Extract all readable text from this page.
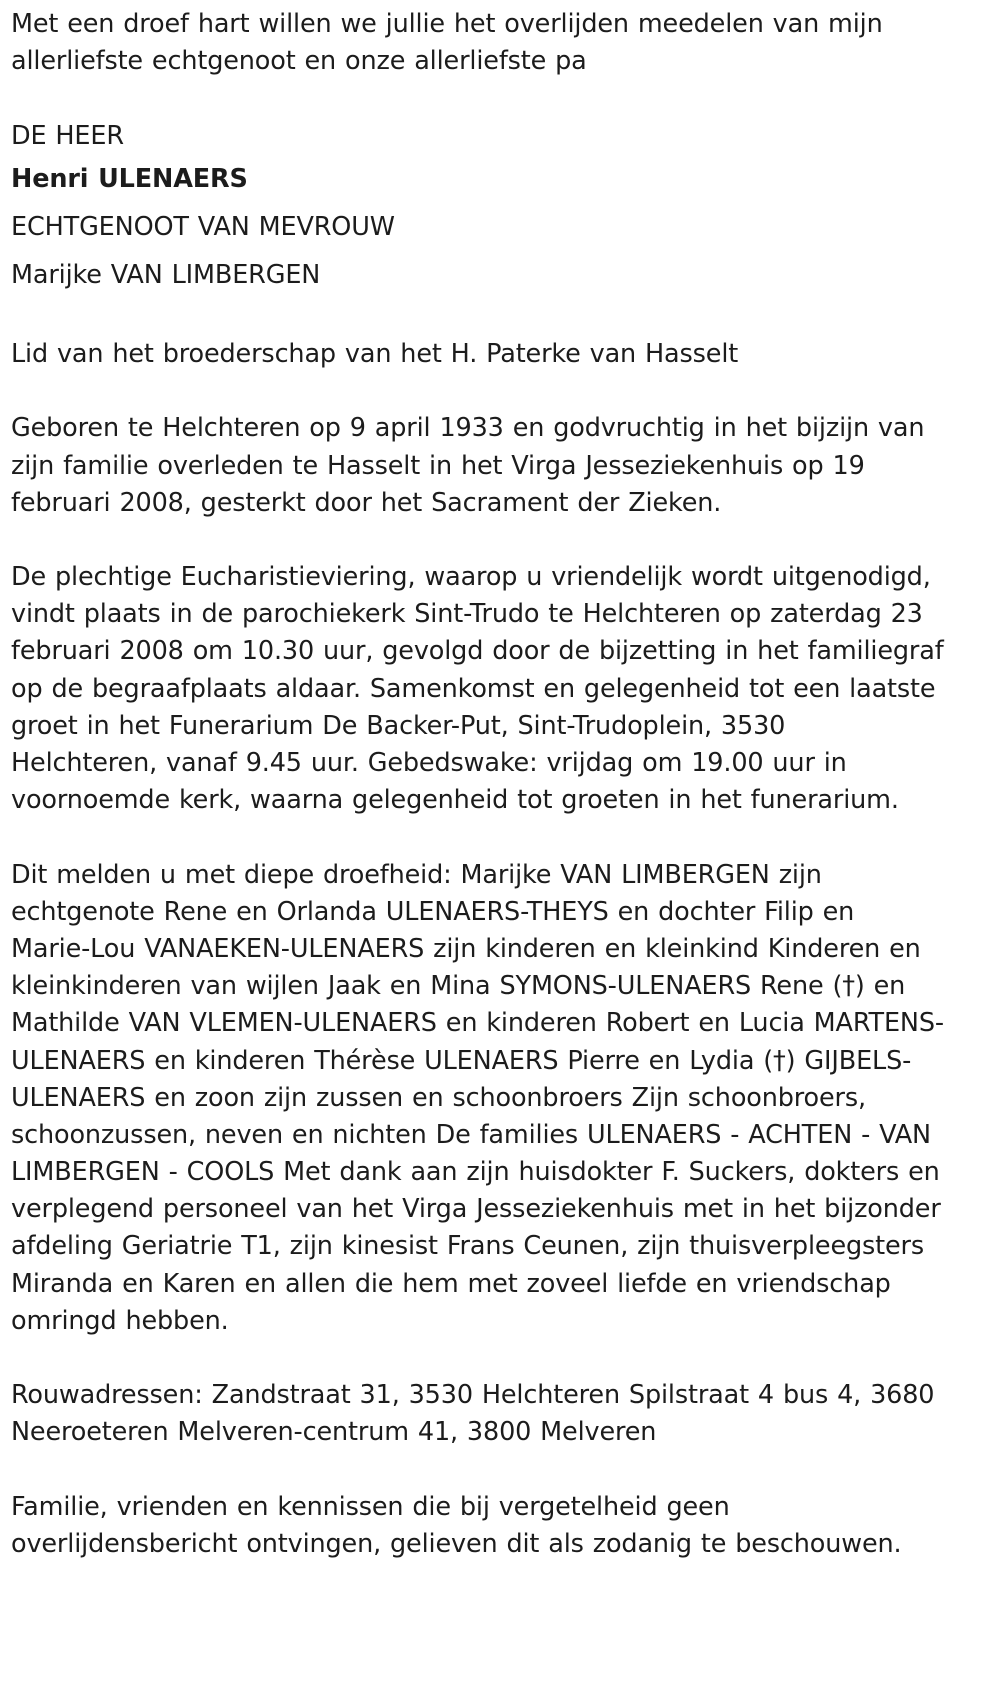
Met een droef hart willen we jullie het overlijden meedelen van mijn
allerliefste echtgenoot en onze allerliefste pa
DE HEER
Henri ULENAERS
ECHTGENOOT VAN MEVROUW
Marijke VAN LIMBERGEN
Lid van het broederschap van het H. Paterke van Hasselt
Geboren te Helchteren op 9 april 1933 en godvruchtig in het bijzijn van
zijn familie overleden te Hasselt in het Virga Jesseziekenhuis op 19
februari 2008, gesterkt door het Sacrament der Zieken.
De plechtige Eucharistieviering, waarop u vriendelijk wordt uitgenodigd,
vindt plaats in de parochiekerk Sint-Trudo te Helchteren op zaterdag 23
februari 2008 om 10.30 uur, gevolgd door de bijzetting in het familiegraf
op de begraafplaats aldaar. Samenkomst en gelegenheid tot een laatste
groet in het Funerarium De Backer-Put, Sint-Trudoplein, 3530
Helchteren, vanaf 9.45 uur. Gebedswake: vrijdag om 19.00 uur in
voornoemde kerk, waarna gelegenheid tot groeten in het funerarium.
Dit melden u met diepe droefheid: Marijke VAN LIMBERGEN zijn
echtgenote Rene en Orlanda ULENAERS-THEYS en dochter Filip en
Marie-Lou VANAEKEN-ULENAERS zijn kinderen en kleinkind Kinderen en
kleinkinderen van wijlen Jaak en Mina SYMONS-ULENAERS Rene (†) en
Mathilde VAN VLEMEN-ULENAERS en kinderen Robert en Lucia MARTENS-
ULENAERS en kinderen Thérèse ULENAERS Pierre en Lydia (†) GIJBELS-
ULENAERS en zoon zijn zussen en schoonbroers Zijn schoonbroers,
schoonzussen, neven en nichten De families ULENAERS - ACHTEN - VAN
LIMBERGEN - COOLS Met dank aan zijn huisdokter F. Suckers, dokters en
verplegend personeel van het Virga Jesseziekenhuis met in het bijzonder
afdeling Geriatrie T1, zijn kinesist Frans Ceunen, zijn thuisverpleegsters
Miranda en Karen en allen die hem met zoveel liefde en vriendschap
omringd hebben.
Rouwadressen: Zandstraat 31, 3530 Helchteren Spilstraat 4 bus 4, 3680
Neeroeteren Melveren-centrum 41, 3800 Melveren
Familie, vrienden en kennissen die bij vergetelheid geen
overlijdensbericht ontvingen, gelieven dit als zodanig te beschouwen.
